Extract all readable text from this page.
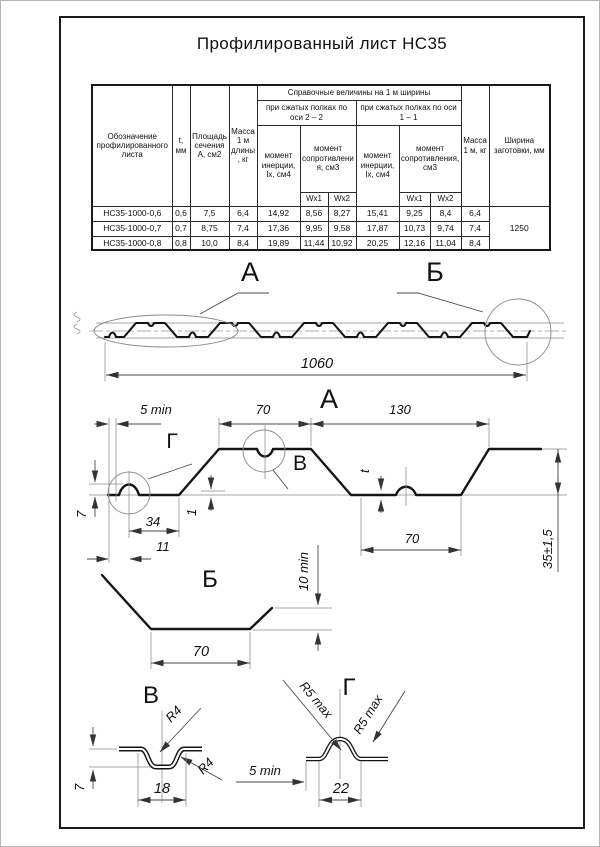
Профилированный лист НС35
Обозначение профилированного листа	t, мм	Площадь сечения А, см2	Масса 1 м длины, кг	Справочные величины на 1 м ширины						Масса 1 м, кг	Ширина заготовки, мм
				при сжатых полках по оси 2 – 2			при сжатых полках по оси 1 – 1				
				момент инерции, Ix, см4	момент сопротивления, см3		момент инерции, Ix, см4	момент сопротивления, см3			
					Wx1	Wx2		Wx1	Wx2		
НС35-1000-0,6	0,6	7,5	6,4	14,92	8,56	8,27	15,41	9,25	8,4	6,4	1250
НС35-1000-0,7	0,7	8,75	7,4	17,36	9,95	9,58	17,87	10,73	9,74	7,4	
НС35-1000-0,8	0,8	10,0	8,4	19,89	11,44	10,92	20,25	12,16	11,04	8,4	
А	Б
1060
А
Г
В
5 min	70	130
7	34
1
11
t
70	35±1,5
Б
70
10 min
В
R4
R4
18
7
Г
R5 max R5 max
5 min
22
